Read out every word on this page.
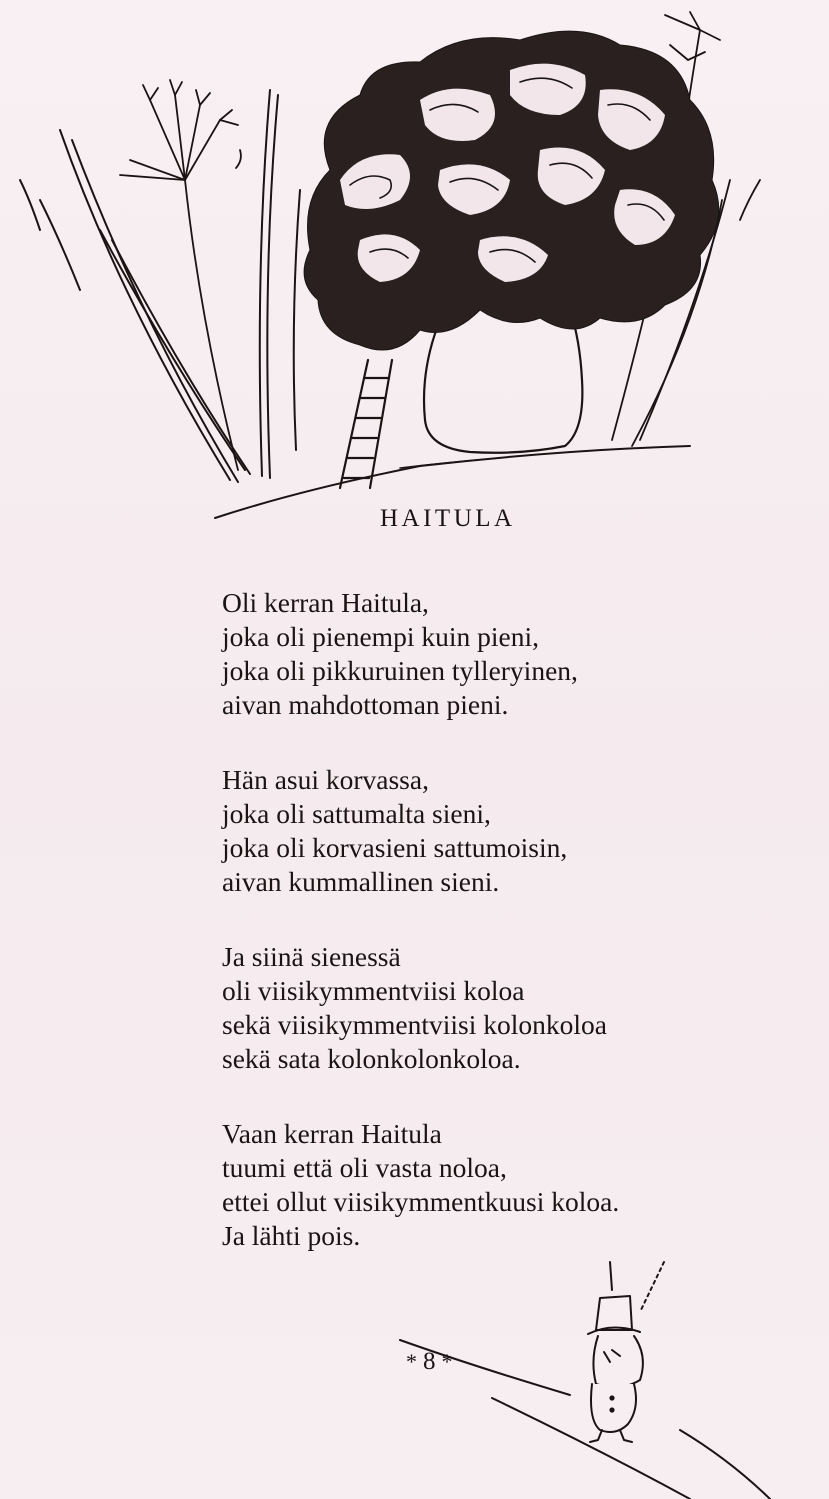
HAITULA

Oli kerran Haitula,
joka oli pienempi kuin pieni,
joka oli pikkuruinen tylleryinen,
aivan mahdottoman pieni.

Hän asui korvassa,
joka oli sattumalta sieni,
joka oli korvasieni sattumoisin,
aivan kummallinen sieni.

Ja siinä sienessä
oli viisikymmentviisi koloa
sekä viisikymmentviisi kolonkoloa
sekä sata kolonkolonkoloa.

Vaan kerran Haitula
tuumi että oli vasta noloa,
ettei ollut viisikymmentkuusi koloa.
Ja lähti pois.

* 8 *
